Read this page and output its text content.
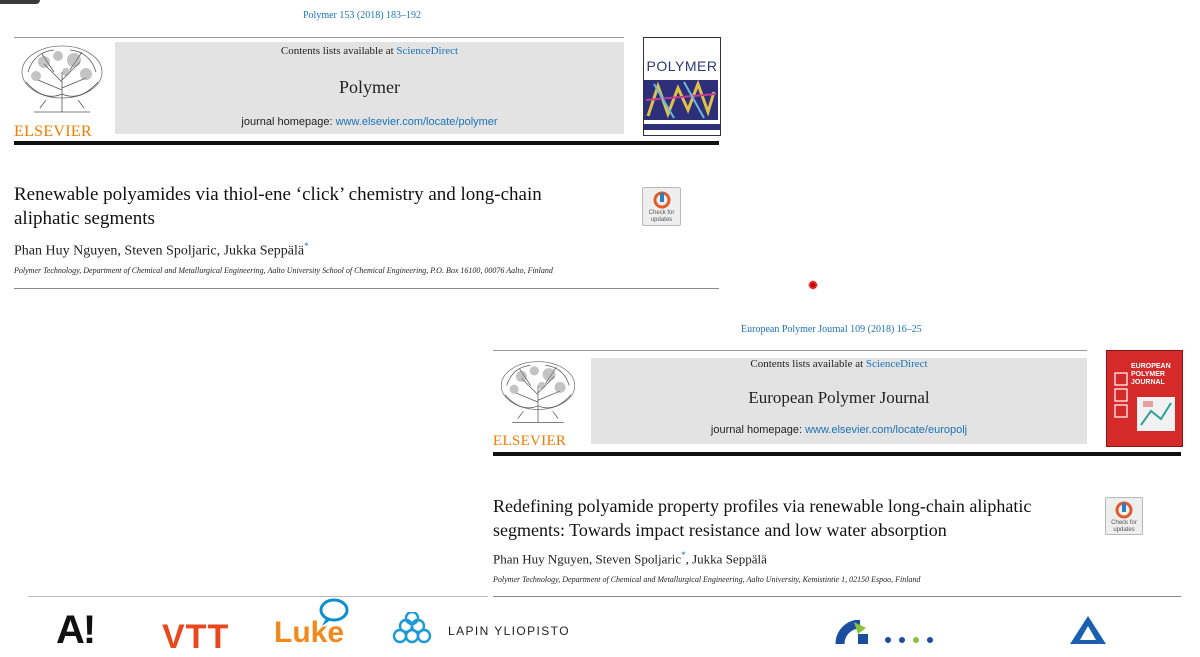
Polymer 153 (2018) 183–192
ELSEVIER
Contents lists available at ScienceDirect
Polymer
journal homepage: www.elsevier.com/locate/polymer
POLYMER
Renewable polyamides via thiol-ene ‘click’ chemistry and long-chain
aliphatic segments	Check for
updates
Phan Huy Nguyen, Steven Spoljaric, Jukka Seppälä*
Polymer Technology, Department of Chemical and Metallurgical Engineering, Aalto University School of Chemical Engineering, P.O. Box 16100, 00076 Aalto, Finland
European Polymer Journal 109 (2018) 16–25
ELSEVIER
Contents lists available at ScienceDirect
European Polymer Journal
journal homepage: www.elsevier.com/locate/europolj
EUROPEAN
POLYMER
JOURNAL
Redefining polyamide property profiles via renewable long-chain aliphatic
segments: Towards impact resistance and low water absorption	Check for
updates
Phan Huy Nguyen, Steven Spoljaric*, Jukka Seppälä
Polymer Technology, Department of Chemical and Metallurgical Engineering, Aalto University, Kemistintie 1, 02150 Espoo, Finland
A! VTT Luke	LAPIN YLIOPISTO
